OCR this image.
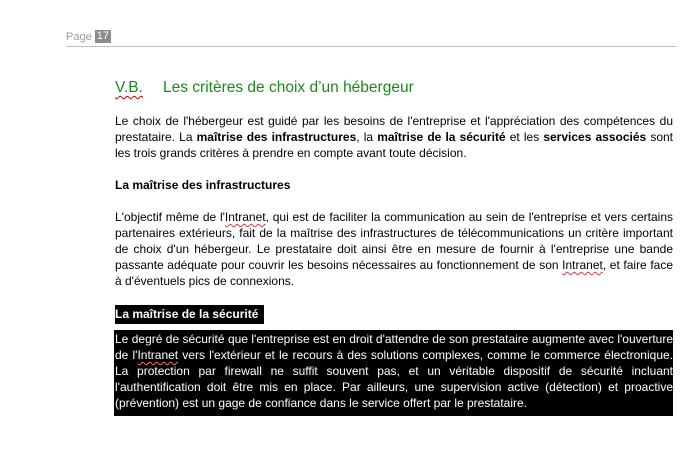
Page 17
V.B. Les critères de choix d’un hébergeur

Le choix de l'hébergeur est guidé par les besoins de l'entreprise et l'appréciation des compétences du prestataire. La maîtrise des infrastructures, la maîtrise de la sécurité et les services associés sont les trois grands critères à prendre en compte avant toute décision.

La maîtrise des infrastructures

L'objectif même de l'Intranet, qui est de faciliter la communication au sein de l'entreprise et vers certains partenaires extérieurs, fait de la maîtrise des infrastructures de télécommunications un critère important de choix d'un hébergeur. Le prestataire doit ainsi être en mesure de fournir à l'entreprise une bande passante adéquate pour couvrir les besoins nécessaires au fonctionnement de son Intranet, et faire face à d'éventuels pics de connexions.

La maîtrise de la sécurité

Le degré de sécurité que l'entreprise est en droit d'attendre de son prestataire augmente avec l'ouverture de l'Intranet vers l'extérieur et le recours à des solutions complexes, comme le commerce électronique. La protection par firewall ne suffit souvent pas, et un véritable dispositif de sécurité incluant l'authentification doit être mis en place. Par ailleurs, une supervision active (détection) et proactive (prévention) est un gage de confiance dans le service offert par le prestataire.
